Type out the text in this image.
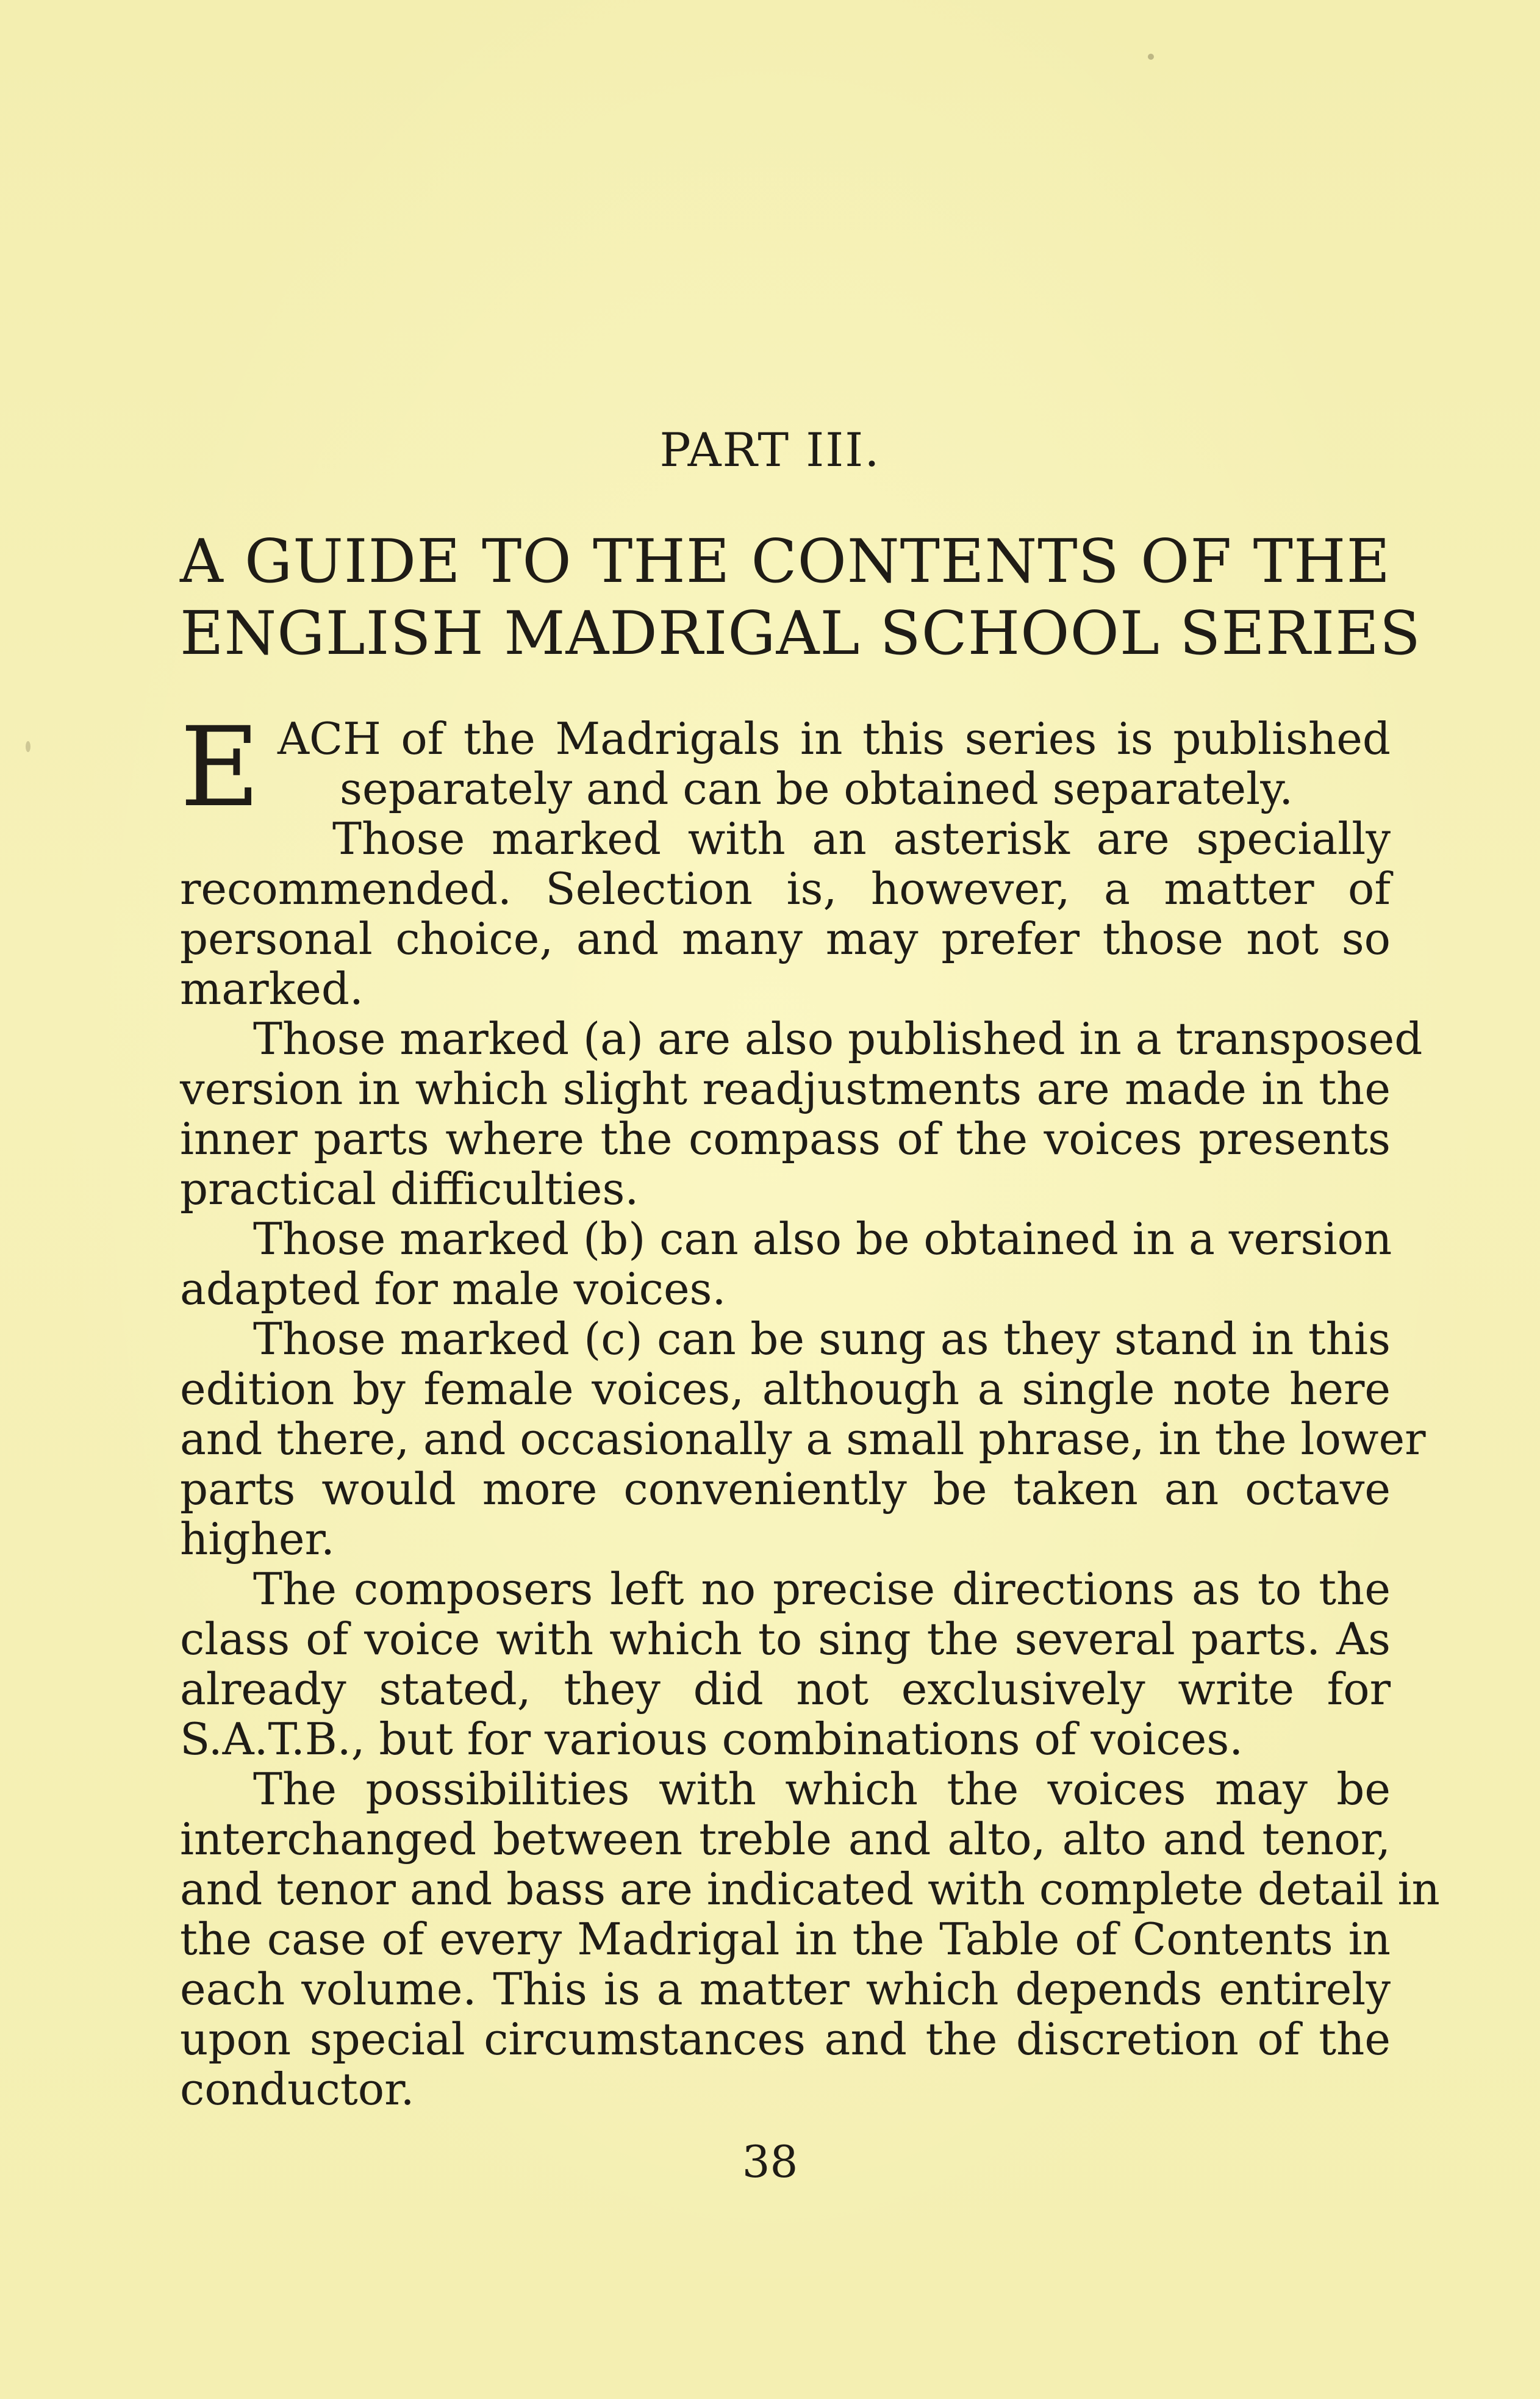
PART III.
A GUIDE TO THE CONTENTS OF THE
ENGLISH MADRIGAL SCHOOL SERIES
E ACH of the Madrigals in this series is published
separately and can be obtained separately.
Those marked with an asterisk are specially
recommended. Selection is, however, a matter of
personal choice, and many may prefer those not so
marked.
Those marked (a) are also published in a transposed
version in which slight readjustments are made in the
inner parts where the compass of the voices presents
practical difficulties.
Those marked (b) can also be obtained in a version
adapted for male voices.
Those marked (c) can be sung as they stand in this
edition by female voices, although a single note here
and there, and occasionally a small phrase, in the lower
parts would more conveniently be taken an octave
higher.
The composers left no precise directions as to the
class of voice with which to sing the several parts. As
already stated, they did not exclusively write for
S.A.T.B., but for various combinations of voices.
The possibilities with which the voices may be
interchanged between treble and alto, alto and tenor,
and tenor and bass are indicated with complete detail in
the case of every Madrigal in the Table of Contents in
each volume. This is a matter which depends entirely
upon special circumstances and the discretion of the
conductor.
38
